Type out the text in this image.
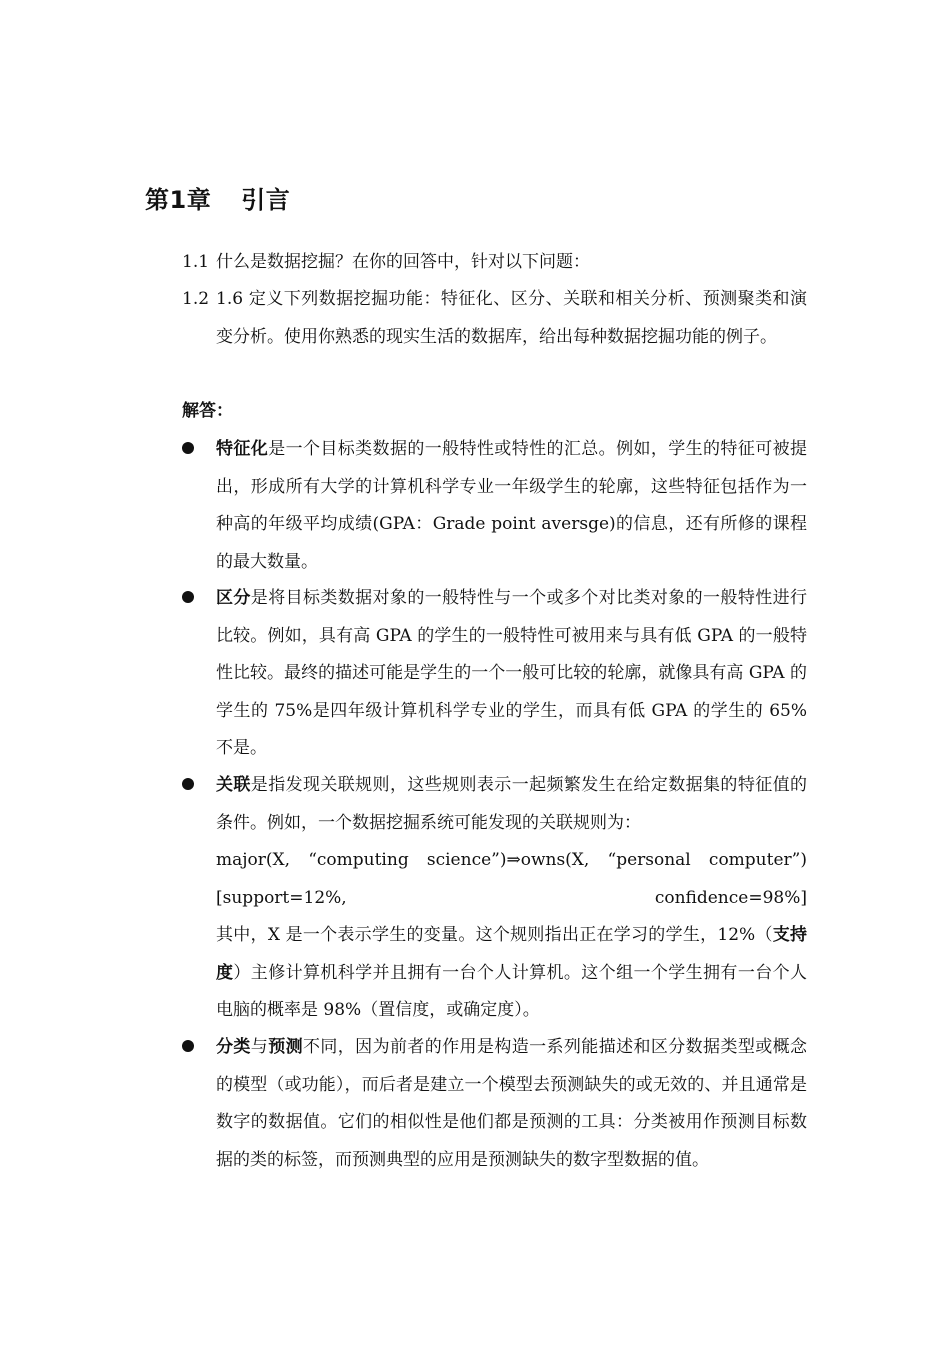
第1章 引言
1.1 什么是数据挖掘？在你的回答中，针对以下问题：
1.2 1.6 定义下列数据挖掘功能：特征化、区分、关联和相关分析、预测聚类和演变分析。使用你熟悉的现实生活的数据库，给出每种数据挖掘功能的例子。
解答：
特征化是一个目标类数据的一般特性或特性的汇总。例如，学生的特征可被提出，形成所有大学的计算机科学专业一年级学生的轮廓，这些特征包括作为一种高的年级平均成绩(GPA：Grade point aversge)的信息，还有所修的课程的最大数量。
区分是将目标类数据对象的一般特性与一个或多个对比类对象的一般特性进行比较。例如，具有高 GPA 的学生的一般特性可被用来与具有低 GPA 的一般特性比较。最终的描述可能是学生的一个一般可比较的轮廓，就像具有高 GPA 的学生的 75%是四年级计算机科学专业的学生，而具有低 GPA 的学生的 65%不是。
关联是指发现关联规则，这些规则表示一起频繁发生在给定数据集的特征值的条件。例如，一个数据挖掘系统可能发现的关联规则为：
major(X, “computing science”)⇒owns(X, “personal computer”)
[support=12%,	confidence=98%]
其中，X 是一个表示学生的变量。这个规则指出正在学习的学生，12%（支持度）主修计算机科学并且拥有一台个人计算机。这个组一个学生拥有一台个人电脑的概率是 98%（置信度，或确定度）。
分类与预测不同，因为前者的作用是构造一系列能描述和区分数据类型或概念的模型（或功能），而后者是建立一个模型去预测缺失的或无效的、并且通常是数字的数据值。它们的相似性是他们都是预测的工具：分类被用作预测目标数据的类的标签，而预测典型的应用是预测缺失的数字型数据的值。
